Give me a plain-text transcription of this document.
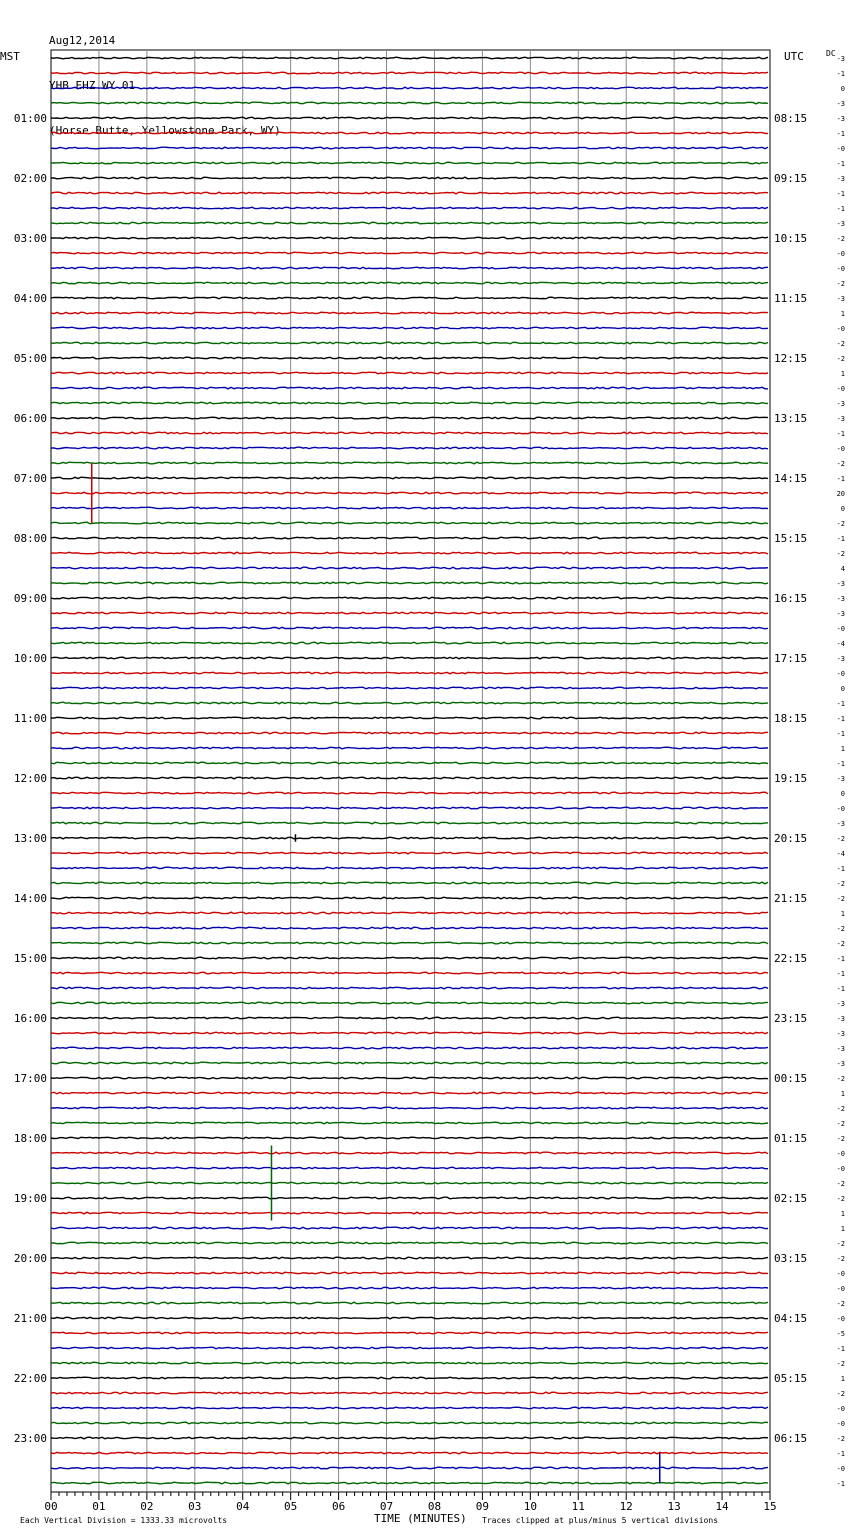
Aug12,2014

YHB EHZ WY 01

(Horse Butte, Yellowstone Park, WY)

MST	UTC	DC
01:00
02:00
03:00
04:00
05:00
06:00
07:00
08:00
09:00
10:00
11:00
12:00
13:00
14:00
15:00
16:00
17:00
18:00
19:00
20:00
21:00
22:00
23:00
08:15
09:15
10:15
11:15
12:15
13:15
14:15
15:15
16:15
17:15
18:15
19:15
20:15
21:15
22:15
23:15
00:15
01:15
02:15
03:15
04:15
05:15
06:15
-3
-1
0
-3
-3
-1
-0
-1
-3
-1
-1
-3
-2
-0
-0
-2
-3
1
-0
-2
-2
1
-0
-3
-3
-1
-0
-2
-1
20
0
-2
-1
-2
4
-3
-3
-3
-0
-4
-3
-0
0
-1
-1
-1
1
-1
-3
0
-0
-3
-2
-4
-1
-2
-2
1
-2
-2
-1
-1
-1
-3
-3
-3
-3
-3
-2
1
-2
-2
-2
-0
-0
-2
-2
1
1
-2
-2
-0
-0
-2
-0
-5
-1
-2
1
-2
-0
-0
-2
-1
-0
-1
00	01	02	03	04	05	06	07	08	09	10	11	12	13	14	15
Each Vertical Division = 1333.33 microvolts	TIME (MINUTES) Traces clipped at plus/minus 5 vertical divisions
